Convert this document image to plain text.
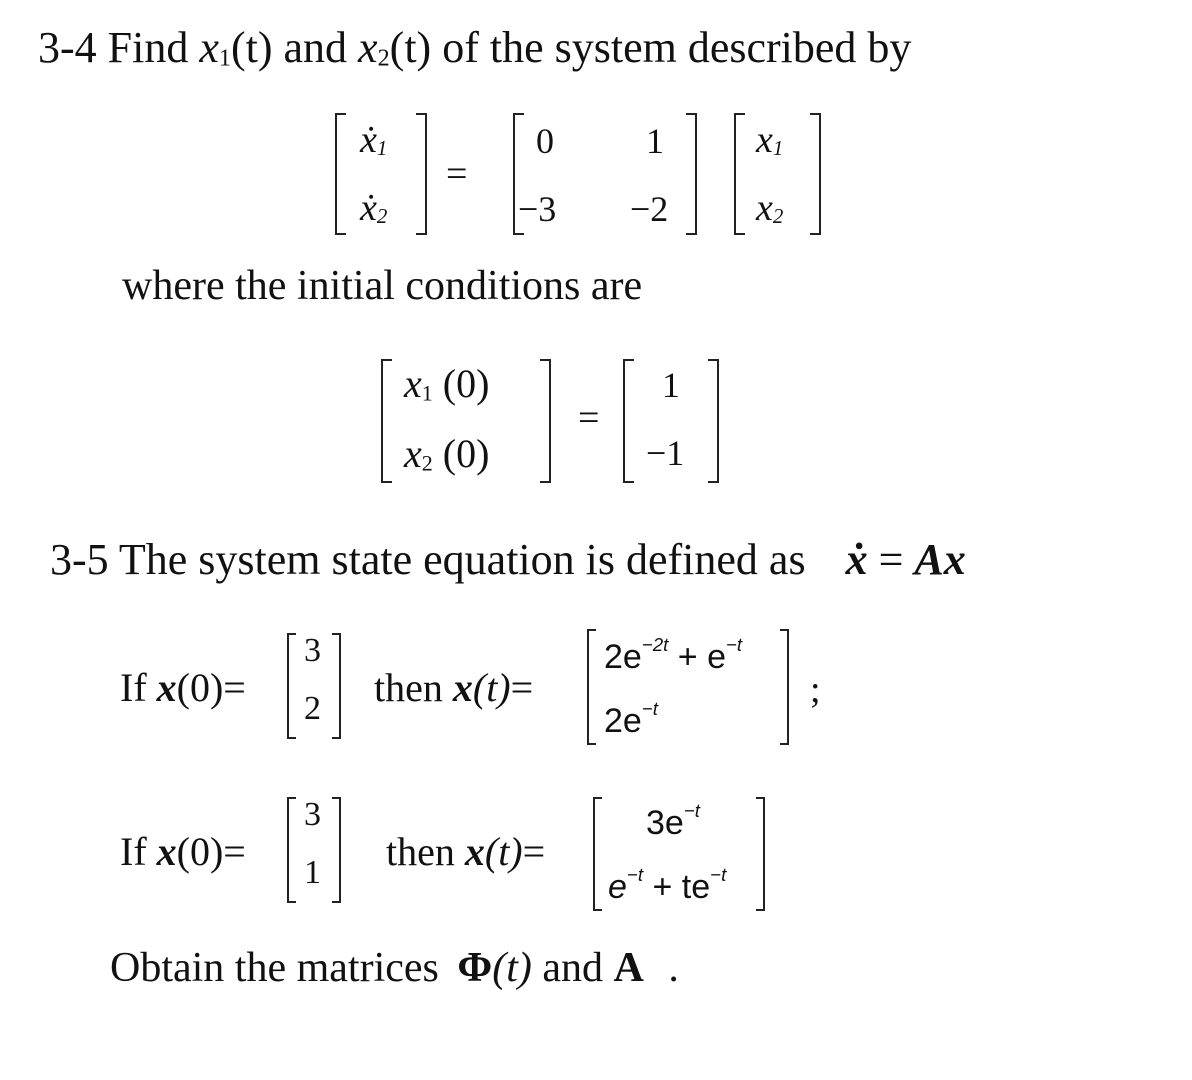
3-4 Find x1(t) and x2(t) of the system described by
ẋ1
ẋ2
=
0	1
−3 −2
x1
x2
where the initial conditions are
x1 (0)
x2 (0)
=
1
−1
3-5 The system state equation is defined as ẋ = Ax
If x(0)=
3
2 then x(t)=
$2e^{-2t} + e^{-t}$
$2e^{-t}$	;
If x(0)=
3
1 then x(t)=
$3e^{-t}$
$e^{-t} + te^{-t}$
Obtain the matrices Φ(t) and A .
